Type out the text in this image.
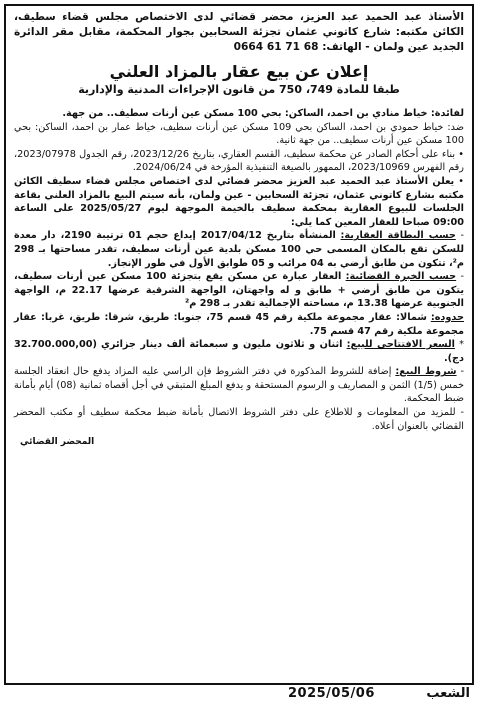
الأستاذ عبد الحميد عبد العزيز، محضر قضائي لدى الاختصاص مجلس قضاء سطيف، الكائن مكتبه: شارع كاتوني عثمان تجزئة السحابين بجوار المحكمة، مقابل مقر الدائرة الجديد عين ولمان - الهاتف: 68 71 61 0664

إعلان عن بيع عقار بالمزاد العلني

طبقا للمادة 749، 750 من قانون الإجراءات المدنية والإدارية

لفائدة: خياط منادي بن احمد، الساكن: بحي 100 مسكن عين أرنات سطيف.. من جهة.

ضد: خياط حمودي بن احمد، الساكن بحي 109 مسكن عين أرنات سطيف، خياط عمار بن احمد، الساكن: بحي 100 مسكن عين أرنات سطيف.. من جهة ثانية.

• بناء على أحكام الصادر عن محكمة سطيف، القسم العقاري، بتاريخ 2023/12/26، رقم الجدول 2023/07978، رقم الفهرس 2023/10969، الممهور بالصيغة التنفيذية المؤرخة في 2024/06/24.

• يعلن الأستاذ عبد الحميد عبد العزيز محضر قضائي لدى اختصاص مجلس قضاء سطيف الكائن مكتبه بشارع كاتوني عثمان، تجزئة السحابين - عين ولمان، بأنه سيتم البيع بالمزاد العلني بقاعة الجلسات للبيوع العقارية بمحكمة سطيف بالخيمة الموجهة ليوم 2025/05/27 على الساعة 09:00 صباحا للعقار المعين كما يلي:

- حسب البطاقة العقارية: المنشأة بتاريخ 2017/04/12 إيداع حجم 01 ترتيبة 2190، دار معدة للسكن تقع بالمكان المسمى حي 100 مسكن بلدية عين أرنات سطيف، تقدر مساحتها بـ 298 م²، تتكون من طابق أرضي به 04 مرائب و 05 طوابق الأول في طور الإنجاز.

- حسب الخبرة القضائية: العقار عبارة عن مسكن يقع بتجزئة 100 مسكن عين أرنات سطيف، يتكون من طابق أرضي + طابق و له واجهتان، الواجهة الشرقية عرضها 22.17 م، الواجهة الجنوبية عرضها 13.38 م، مساحته الإجمالية تقدر بـ 298 م²

حدوده: شمالا: عقار مجموعة ملكية رقم 45 قسم 75، جنوبا: طريق، شرقا: طريق، غربا: عقار مجموعة ملكية رقم 47 قسم 75.

* السعر الافتتاحي للبيع: اثنان و ثلاثون مليون و سبعمائة ألف دينار جزائري (32.700.000,00 دج).

- شروط البيع: إضافة للشروط المذكورة في دفتر الشروط فإن الراسي عليه المزاد يدفع حال انعقاد الجلسة خمس (1/5) الثمن و المصاريف و الرسوم المستحقة و يدفع المبلغ المتبقي في أجل أقصاه ثمانية (08) أيام بأمانة ضبط المحكمة.

- للمزيد من المعلومات و للاطلاع على دفتر الشروط الاتصال بأمانة ضبط محكمة سطيف أو مكتب المحضر القضائي بالعنوان أعلاه.

المحضر القضائي
2025/05/06	الشعب
